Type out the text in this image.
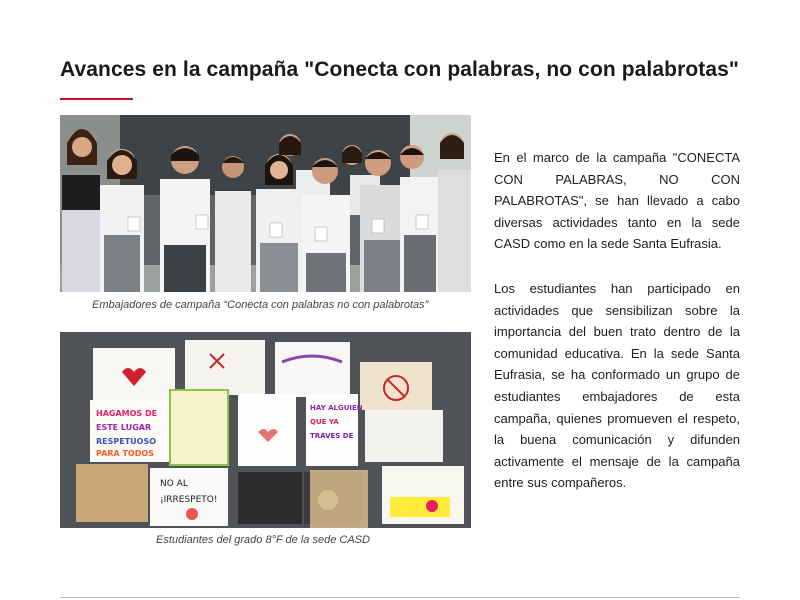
Avances en la campaña "Conecta con palabras, no con palabrotas"
Embajadores de campaña “Conecta con palabras no con palabrotas”
HAGAMOS DE
ESTE LUGAR
RESPETUOSO
PARA TODOS
HAY ALGUIEN
QUE YA
TRAVES DE
NO AL
¡IRRESPETO!
Estudiantes del grado 8°F de la sede CASD

En el marco de la campaña "CONECTA CON PALABRAS, NO CON PALABROTAS", se han llevado a cabo diversas actividades tanto en la sede CASD como en la sede Santa Eufrasia.

Los estudiantes han participado en actividades que sensibilizan sobre la importancia del buen trato dentro de la comunidad educativa. En la sede Santa Eufrasia, se ha conformado un grupo de estudiantes embajadores de esta campaña, quienes promueven el respeto, la buena comunicación y difunden activamente el mensaje de la campaña entre sus compañeros.
